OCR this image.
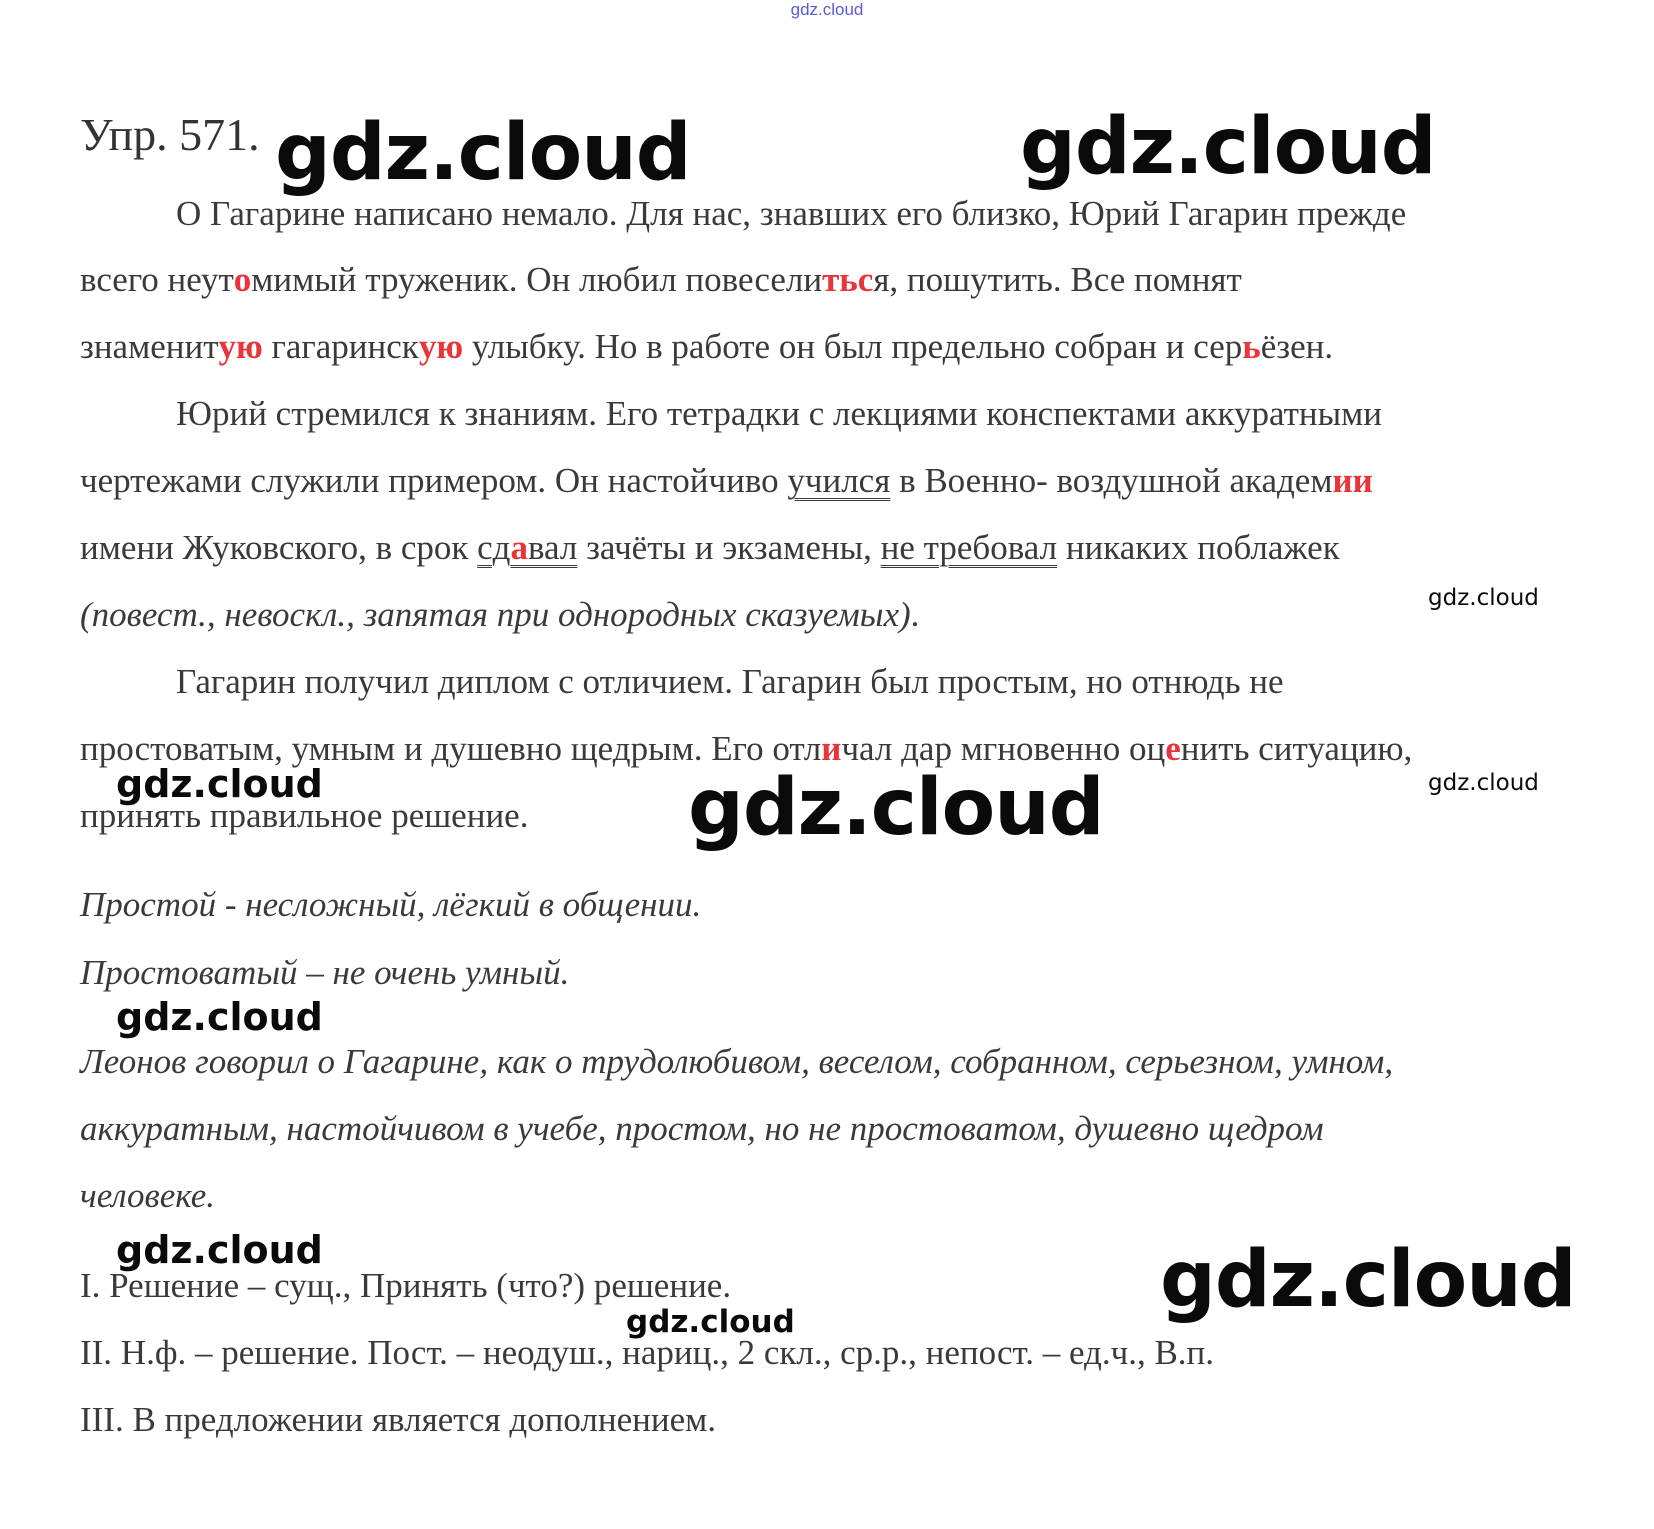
gdz.cloud
Упр. 571.
О Гагарине написано немало. Для нас, знавших его близко, Юрий Гагарин прежде
всего неутомимый труженик. Он любил повеселиться, пошутить. Все помнят
знаменитую гагаринскую улыбку. Но в работе он был предельно собран и серьёзен.
Юрий стремился к знаниям. Его тетрадки с лекциями конспектами аккуратными
чертежами служили примером. Он настойчиво учился в Военно- воздушной академии
имени Жуковского, в срок сдавал зачёты и экзамены, не требовал никаких поблажек
(повест., невоскл., запятая при однородных сказуемых).
Гагарин получил диплом с отличием. Гагарин был простым, но отнюдь не
простоватым, умным и душевно щедрым. Его отличал дар мгновенно оценить ситуацию,
принять правильное решение.
Простой - несложный, лёгкий в общении.
Простоватый – не очень умный.
Леонов говорил о Гагарине, как о трудолюбивом, веселом, собранном, серьезном, умном,
аккуратным, настойчивом в учебе, простом, но не простоватом, душевно щедром
человеке.
I. Решение – сущ., Принять (что?) решение.
II. Н.ф. – решение. Пост. – неодуш., нариц., 2 скл., ср.р., непост. – ед.ч., В.п.
III. В предложении является дополнением.
gdz.cloud	gdz.cloud
gdz.cloud
gdz.cloud	gdz.cloud	gdz.cloud
gdz.cloud
gdz.cloud	gdz.cloud
gdz.cloud
